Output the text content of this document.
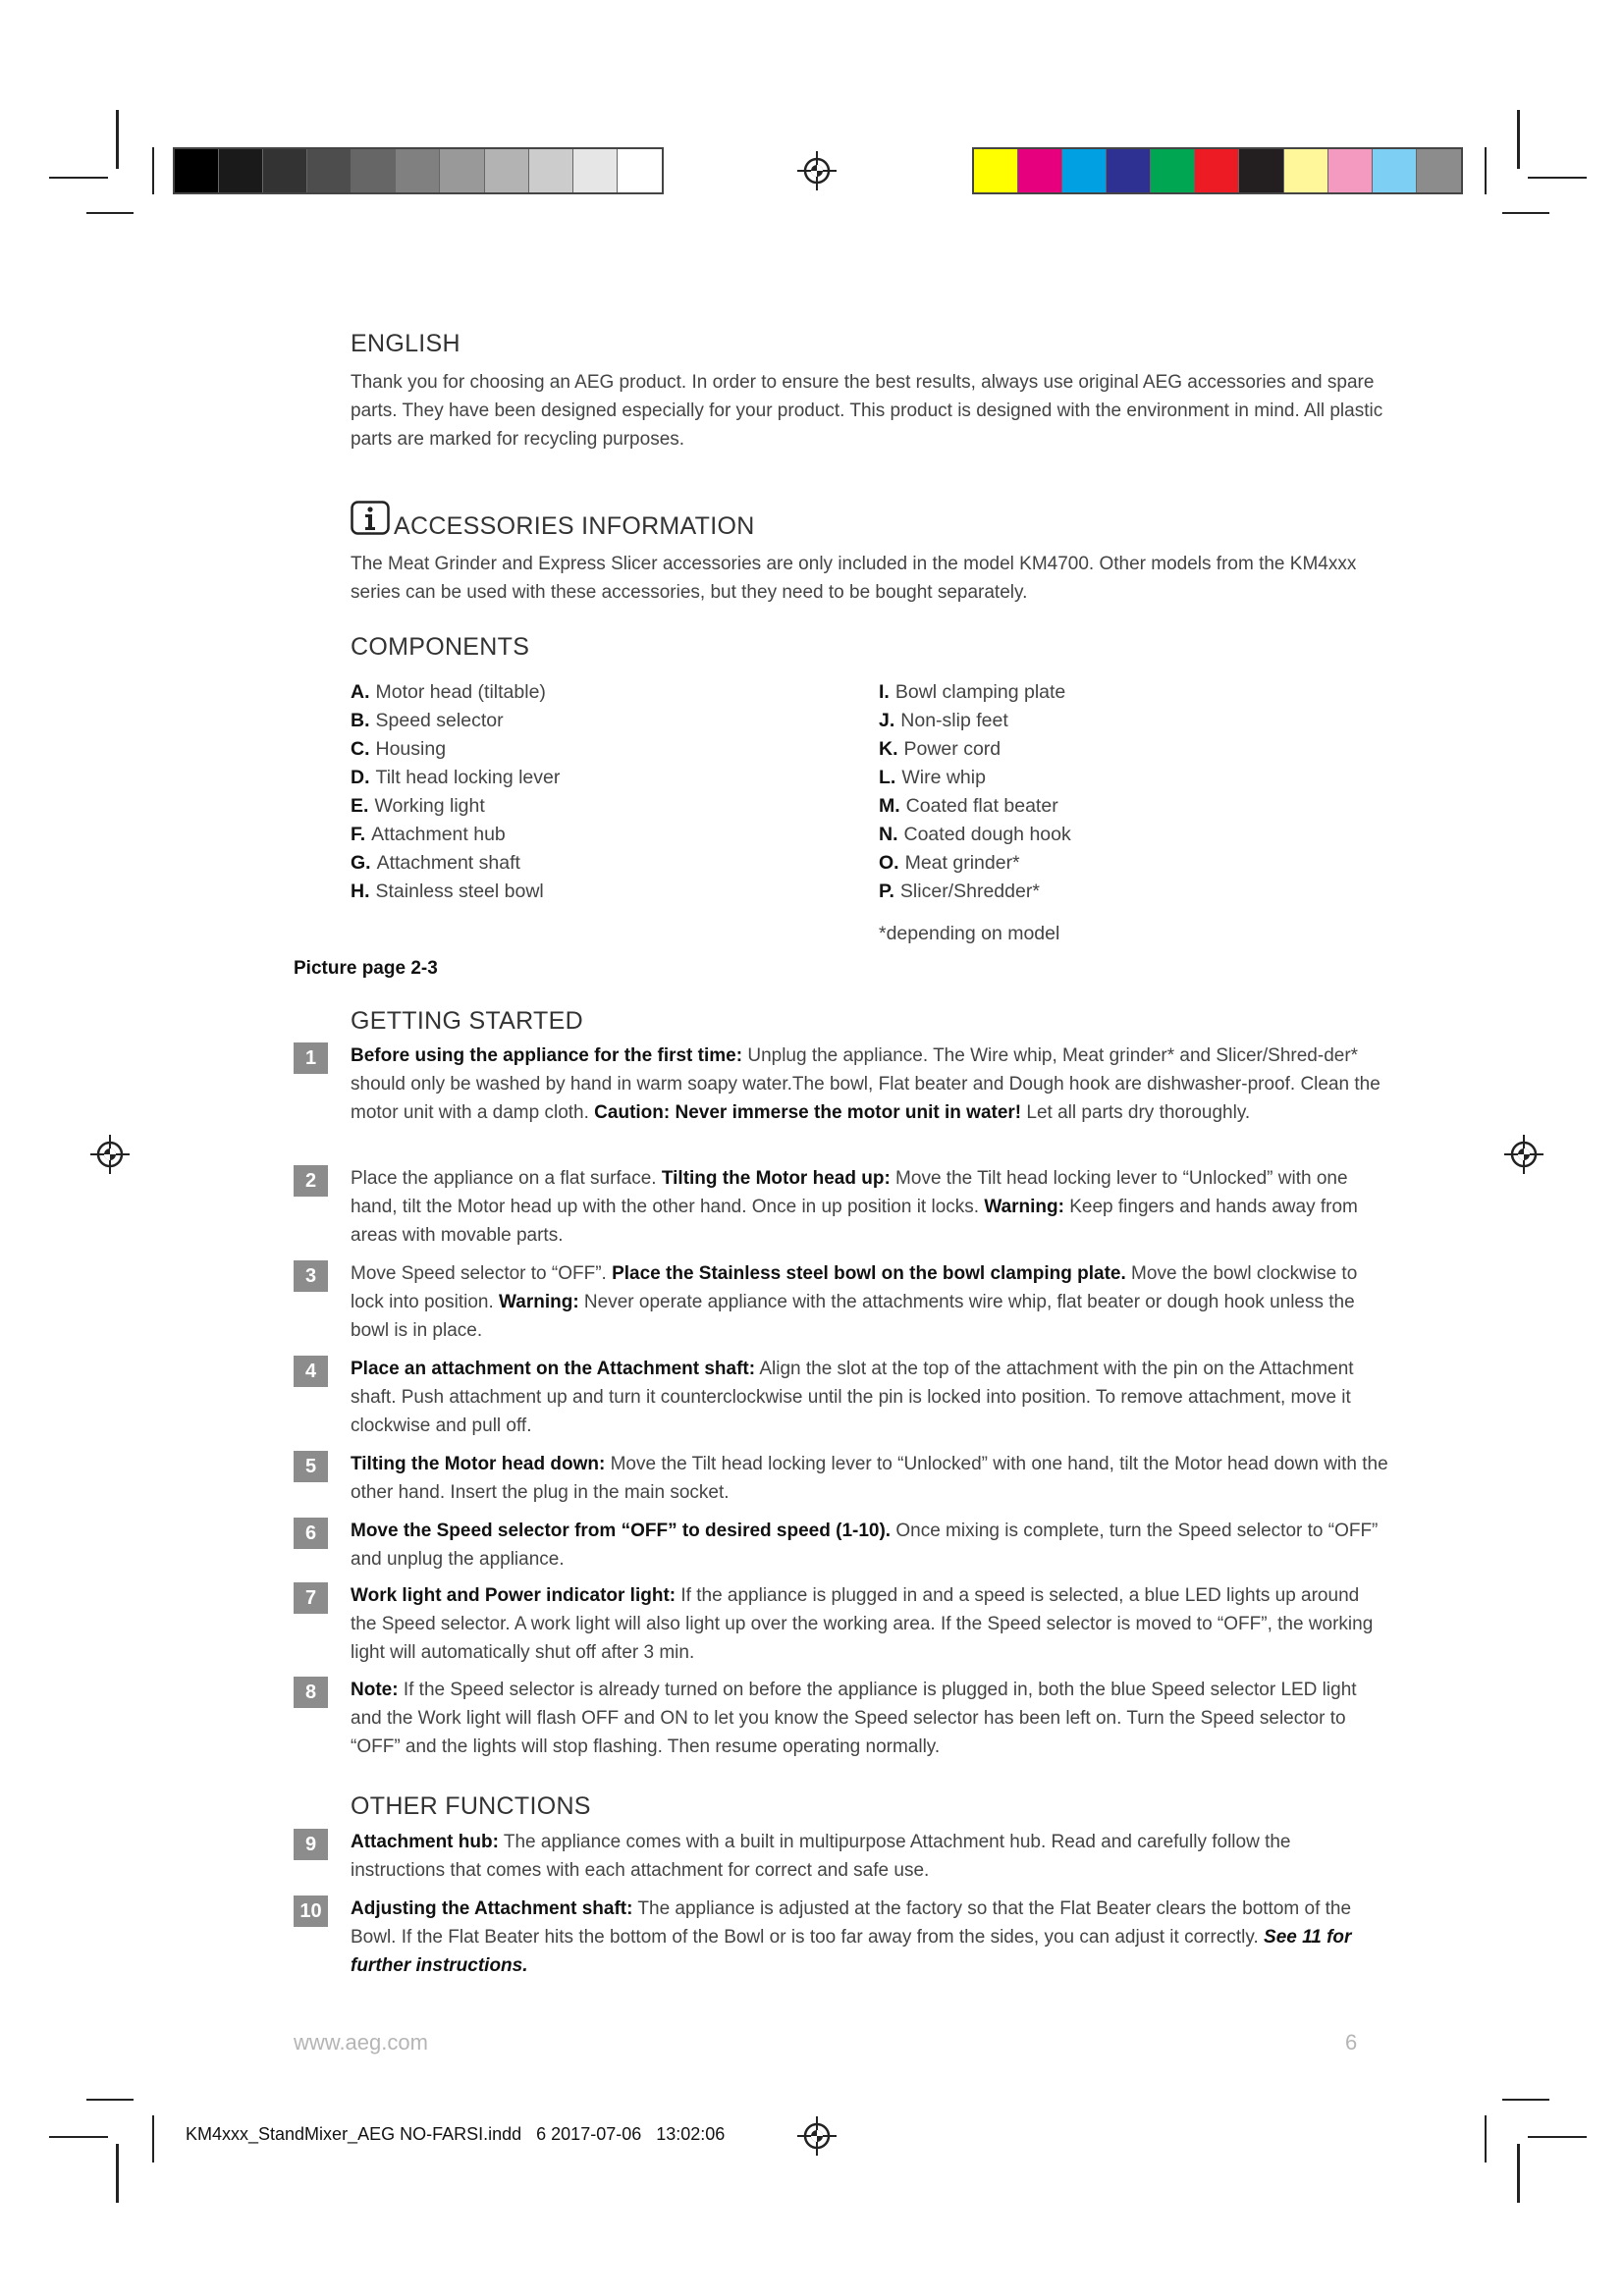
ENGLISH

Thank you for choosing an AEG product. In order to ensure the best results, always use original AEG accessories and spare parts. They have been designed especially for your product. This product is designed with the environment in mind. All plastic parts are marked for recycling purposes.

ACCESSORIES INFORMATION

The Meat Grinder and Express Slicer accessories are only included in the model KM4700. Other models from the KM4xxx series can be used with these accessories, but they need to be bought separately.

COMPONENTS
A. Motor head (tiltable)
B. Speed selector
C. Housing
D. Tilt head locking lever
E. Working light
F. Attachment hub
G. Attachment shaft
H. Stainless steel bowl
I. Bowl clamping plate
J. Non-slip feet
K. Power cord
L. Wire whip
M. Coated flat beater
N. Coated dough hook
O. Meat grinder*
P. Slicer/Shredder*
*depending on model
Picture page 2-3
GETTING STARTED
1	Before using the appliance for the first time: Unplug the appliance. The Wire whip, Meat grinder* and Slicer/Shred-der* should only be washed by hand in warm soapy water.The bowl, Flat beater and Dough hook are dishwasher-proof. Clean the motor unit with a damp cloth. Caution: Never immerse the motor unit in water! Let all parts dry thoroughly.
2	Place the appliance on a flat surface. Tilting the Motor head up: Move the Tilt head locking lever to “Unlocked” with one hand, tilt the Motor head up with the other hand. Once in up position it locks. Warning: Keep fingers and hands away from areas with movable parts.
3	Move Speed selector to “OFF”. Place the Stainless steel bowl on the bowl clamping plate. Move the bowl clockwise to lock into position. Warning: Never operate appliance with the attachments wire whip, flat beater or dough hook unless the bowl is in place.
4	Place an attachment on the Attachment shaft: Align the slot at the top of the attachment with the pin on the Attachment shaft. Push attachment up and turn it counterclockwise until the pin is locked into position. To remove attachment, move it clockwise and pull off.
5	Tilting the Motor head down: Move the Tilt head locking lever to “Unlocked” with one hand, tilt the Motor head down with the other hand. Insert the plug in the main socket.
6	Move the Speed selector from “OFF” to desired speed (1-10). Once mixing is complete, turn the Speed selector to “OFF” and unplug the appliance.
7	Work light and Power indicator light: If the appliance is plugged in and a speed is selected, a blue LED lights up around the Speed selector. A work light will also light up over the working area. If the Speed selector is moved to “OFF”, the working light will automatically shut off after 3 min.
8	Note: If the Speed selector is already turned on before the appliance is plugged in, both the blue Speed selector LED light and the Work light will flash OFF and ON to let you know the Speed selector has been left on. Turn the Speed selector to “OFF” and the lights will stop flashing. Then resume operating normally.
OTHER FUNCTIONS
9	Attachment hub: The appliance comes with a built in multipurpose Attachment hub. Read and carefully follow the instructions that comes with each attachment for correct and safe use.
10	Adjusting the Attachment shaft: The appliance is adjusted at the factory so that the Flat Beater clears the bottom of the Bowl. If the Flat Beater hits the bottom of the Bowl or is too far away from the sides, you can adjust it correctly. See 11 for further instructions.
www.aeg.com	6
KM4xxx_StandMixer_AEG NO-FARSI.indd   6 2017-07-06   13:02:06
